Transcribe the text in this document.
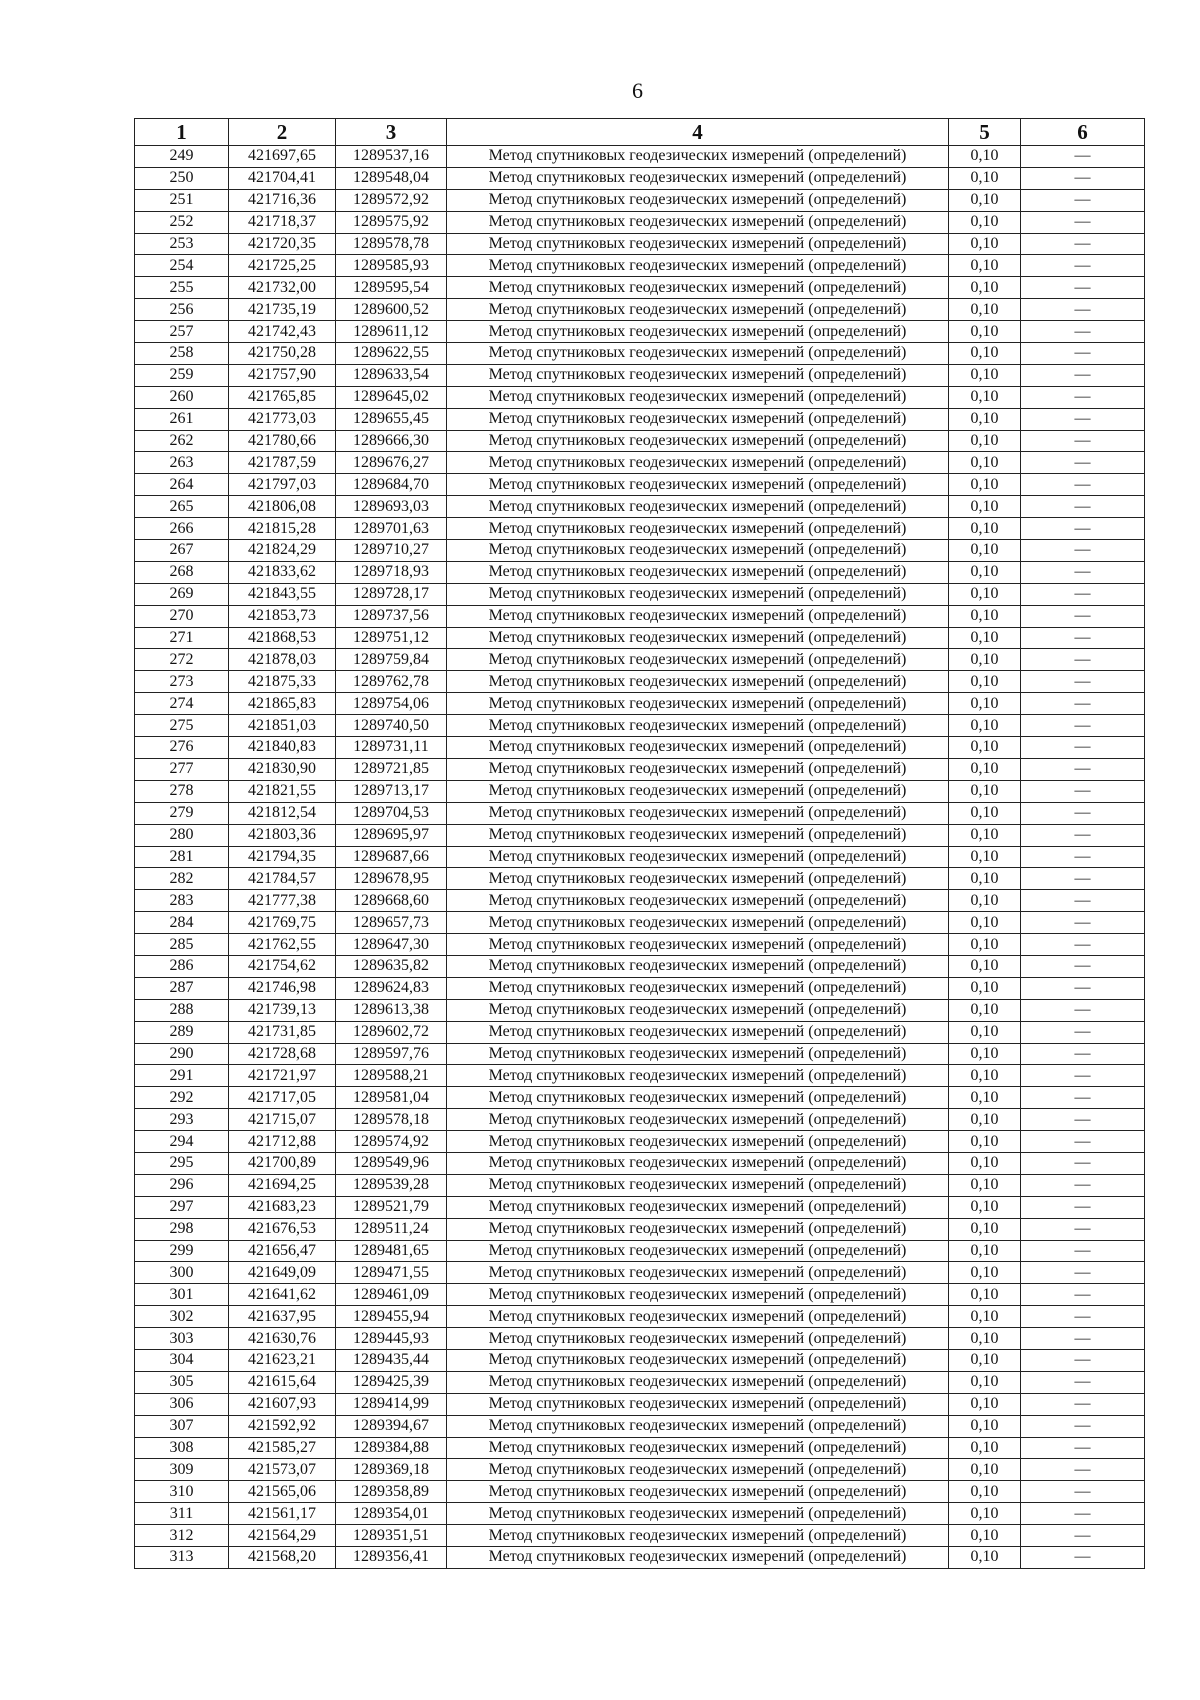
6
1	2	3	4	5	6
249	421697,65	1289537,16	Метод спутниковых геодезических измерений (определений)	0,10	—
250	421704,41	1289548,04	Метод спутниковых геодезических измерений (определений)	0,10	—
251	421716,36	1289572,92	Метод спутниковых геодезических измерений (определений)	0,10	—
252	421718,37	1289575,92	Метод спутниковых геодезических измерений (определений)	0,10	—
253	421720,35	1289578,78	Метод спутниковых геодезических измерений (определений)	0,10	—
254	421725,25	1289585,93	Метод спутниковых геодезических измерений (определений)	0,10	—
255	421732,00	1289595,54	Метод спутниковых геодезических измерений (определений)	0,10	—
256	421735,19	1289600,52	Метод спутниковых геодезических измерений (определений)	0,10	—
257	421742,43	1289611,12	Метод спутниковых геодезических измерений (определений)	0,10	—
258	421750,28	1289622,55	Метод спутниковых геодезических измерений (определений)	0,10	—
259	421757,90	1289633,54	Метод спутниковых геодезических измерений (определений)	0,10	—
260	421765,85	1289645,02	Метод спутниковых геодезических измерений (определений)	0,10	—
261	421773,03	1289655,45	Метод спутниковых геодезических измерений (определений)	0,10	—
262	421780,66	1289666,30	Метод спутниковых геодезических измерений (определений)	0,10	—
263	421787,59	1289676,27	Метод спутниковых геодезических измерений (определений)	0,10	—
264	421797,03	1289684,70	Метод спутниковых геодезических измерений (определений)	0,10	—
265	421806,08	1289693,03	Метод спутниковых геодезических измерений (определений)	0,10	—
266	421815,28	1289701,63	Метод спутниковых геодезических измерений (определений)	0,10	—
267	421824,29	1289710,27	Метод спутниковых геодезических измерений (определений)	0,10	—
268	421833,62	1289718,93	Метод спутниковых геодезических измерений (определений)	0,10	—
269	421843,55	1289728,17	Метод спутниковых геодезических измерений (определений)	0,10	—
270	421853,73	1289737,56	Метод спутниковых геодезических измерений (определений)	0,10	—
271	421868,53	1289751,12	Метод спутниковых геодезических измерений (определений)	0,10	—
272	421878,03	1289759,84	Метод спутниковых геодезических измерений (определений)	0,10	—
273	421875,33	1289762,78	Метод спутниковых геодезических измерений (определений)	0,10	—
274	421865,83	1289754,06	Метод спутниковых геодезических измерений (определений)	0,10	—
275	421851,03	1289740,50	Метод спутниковых геодезических измерений (определений)	0,10	—
276	421840,83	1289731,11	Метод спутниковых геодезических измерений (определений)	0,10	—
277	421830,90	1289721,85	Метод спутниковых геодезических измерений (определений)	0,10	—
278	421821,55	1289713,17	Метод спутниковых геодезических измерений (определений)	0,10	—
279	421812,54	1289704,53	Метод спутниковых геодезических измерений (определений)	0,10	—
280	421803,36	1289695,97	Метод спутниковых геодезических измерений (определений)	0,10	—
281	421794,35	1289687,66	Метод спутниковых геодезических измерений (определений)	0,10	—
282	421784,57	1289678,95	Метод спутниковых геодезических измерений (определений)	0,10	—
283	421777,38	1289668,60	Метод спутниковых геодезических измерений (определений)	0,10	—
284	421769,75	1289657,73	Метод спутниковых геодезических измерений (определений)	0,10	—
285	421762,55	1289647,30	Метод спутниковых геодезических измерений (определений)	0,10	—
286	421754,62	1289635,82	Метод спутниковых геодезических измерений (определений)	0,10	—
287	421746,98	1289624,83	Метод спутниковых геодезических измерений (определений)	0,10	—
288	421739,13	1289613,38	Метод спутниковых геодезических измерений (определений)	0,10	—
289	421731,85	1289602,72	Метод спутниковых геодезических измерений (определений)	0,10	—
290	421728,68	1289597,76	Метод спутниковых геодезических измерений (определений)	0,10	—
291	421721,97	1289588,21	Метод спутниковых геодезических измерений (определений)	0,10	—
292	421717,05	1289581,04	Метод спутниковых геодезических измерений (определений)	0,10	—
293	421715,07	1289578,18	Метод спутниковых геодезических измерений (определений)	0,10	—
294	421712,88	1289574,92	Метод спутниковых геодезических измерений (определений)	0,10	—
295	421700,89	1289549,96	Метод спутниковых геодезических измерений (определений)	0,10	—
296	421694,25	1289539,28	Метод спутниковых геодезических измерений (определений)	0,10	—
297	421683,23	1289521,79	Метод спутниковых геодезических измерений (определений)	0,10	—
298	421676,53	1289511,24	Метод спутниковых геодезических измерений (определений)	0,10	—
299	421656,47	1289481,65	Метод спутниковых геодезических измерений (определений)	0,10	—
300	421649,09	1289471,55	Метод спутниковых геодезических измерений (определений)	0,10	—
301	421641,62	1289461,09	Метод спутниковых геодезических измерений (определений)	0,10	—
302	421637,95	1289455,94	Метод спутниковых геодезических измерений (определений)	0,10	—
303	421630,76	1289445,93	Метод спутниковых геодезических измерений (определений)	0,10	—
304	421623,21	1289435,44	Метод спутниковых геодезических измерений (определений)	0,10	—
305	421615,64	1289425,39	Метод спутниковых геодезических измерений (определений)	0,10	—
306	421607,93	1289414,99	Метод спутниковых геодезических измерений (определений)	0,10	—
307	421592,92	1289394,67	Метод спутниковых геодезических измерений (определений)	0,10	—
308	421585,27	1289384,88	Метод спутниковых геодезических измерений (определений)	0,10	—
309	421573,07	1289369,18	Метод спутниковых геодезических измерений (определений)	0,10	—
310	421565,06	1289358,89	Метод спутниковых геодезических измерений (определений)	0,10	—
311	421561,17	1289354,01	Метод спутниковых геодезических измерений (определений)	0,10	—
312	421564,29	1289351,51	Метод спутниковых геодезических измерений (определений)	0,10	—
313	421568,20	1289356,41	Метод спутниковых геодезических измерений (определений)	0,10	—
